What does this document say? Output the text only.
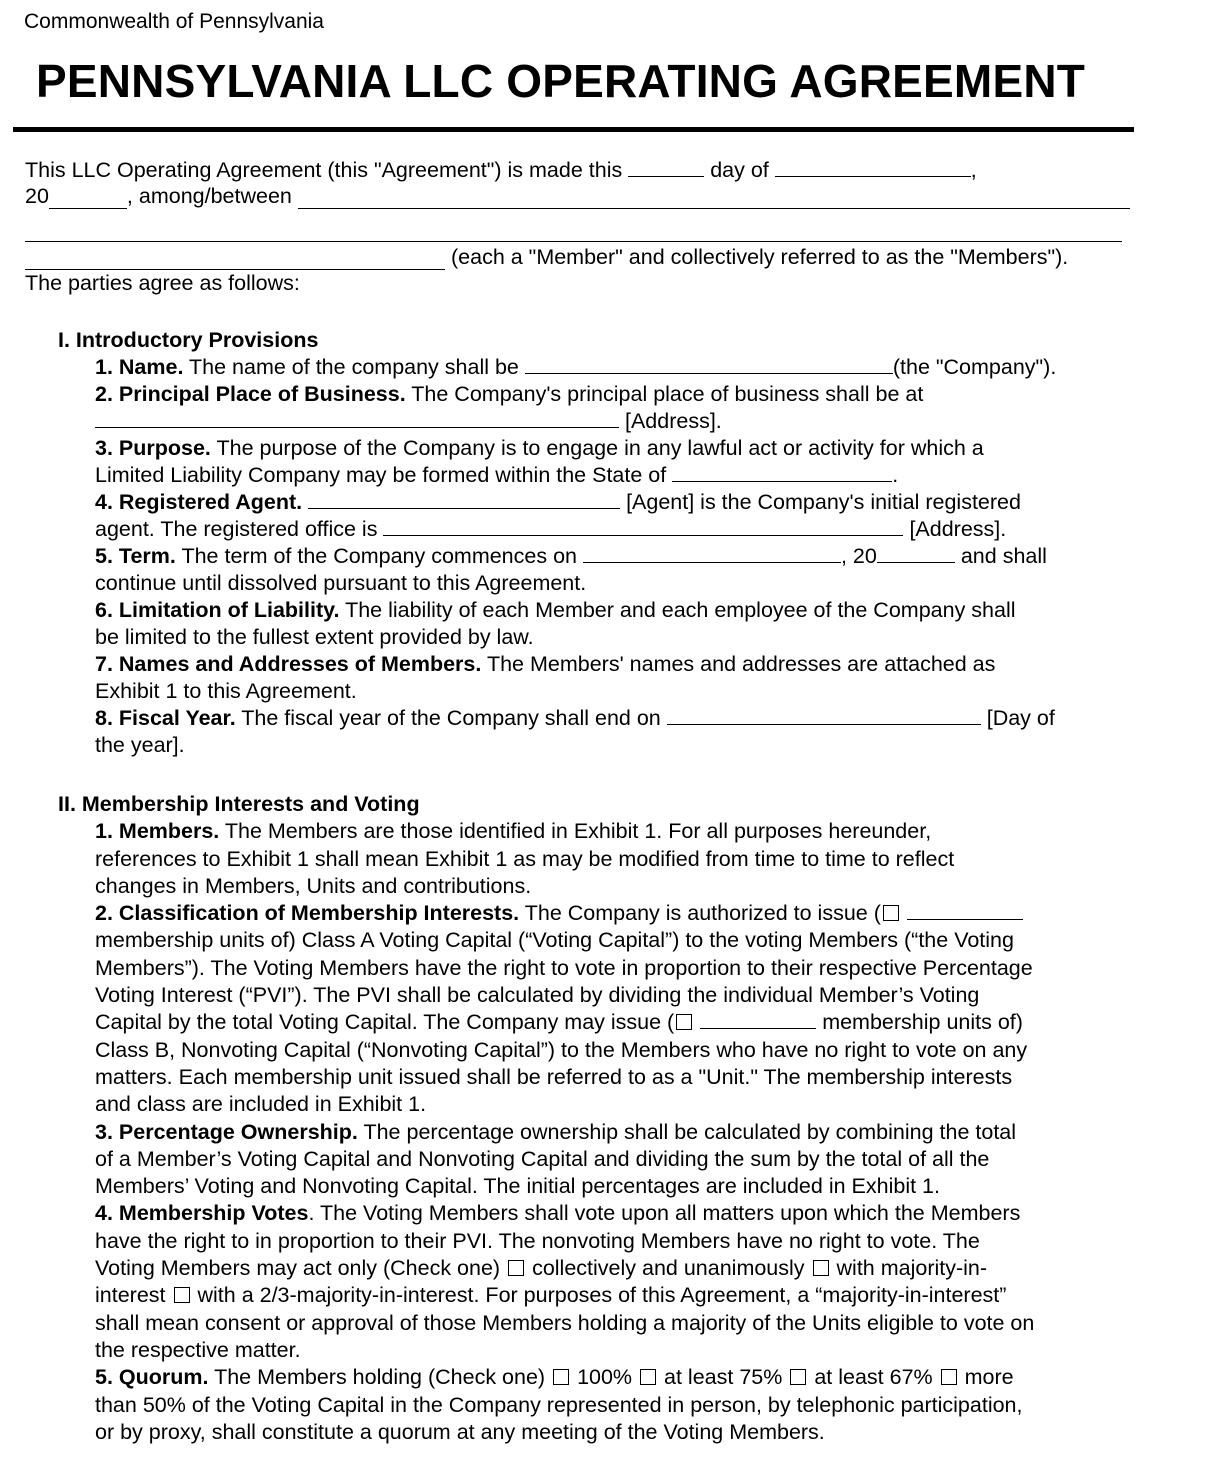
Commonwealth of Pennsylvania
PENNSYLVANIA LLC OPERATING AGREEMENT
This LLC Operating Agreement (this "Agreement") is made this	day of	,
20	, among/between
(each a "Member" and collectively referred to as the "Members").
The parties agree as follows:
I. Introductory Provisions
1. Name. The name of the company shall be	(the "Company").
2. Principal Place of Business. The Company's principal place of business shall be at
[Address].
3. Purpose. The purpose of the Company is to engage in any lawful act or activity for which a
Limited Liability Company may be formed within the State of	.
4. Registered Agent.	[Agent] is the Company's initial registered
agent. The registered office is	[Address].
5. Term. The term of the Company commences on	, 20	and shall
continue until dissolved pursuant to this Agreement.
6. Limitation of Liability. The liability of each Member and each employee of the Company shall
be limited to the fullest extent provided by law.
7. Names and Addresses of Members. The Members' names and addresses are attached as
Exhibit 1 to this Agreement.
8. Fiscal Year. The fiscal year of the Company shall end on	[Day of
the year].
II. Membership Interests and Voting
1. Members. The Members are those identified in Exhibit 1. For all purposes hereunder,
references to Exhibit 1 shall mean Exhibit 1 as may be modified from time to time to reflect
changes in Members, Units and contributions.
2. Classification of Membership Interests. The Company is authorized to issue (
membership units of) Class A Voting Capital (“Voting Capital”) to the voting Members (“the Voting
Members”). The Voting Members have the right to vote in proportion to their respective Percentage
Voting Interest (“PVI”). The PVI shall be calculated by dividing the individual Member’s Voting
Capital by the total Voting Capital. The Company may issue (	membership units of)
Class B, Nonvoting Capital (“Nonvoting Capital”) to the Members who have no right to vote on any
matters. Each membership unit issued shall be referred to as a "Unit." The membership interests
and class are included in Exhibit 1.
3. Percentage Ownership. The percentage ownership shall be calculated by combining the total
of a Member’s Voting Capital and Nonvoting Capital and dividing the sum by the total of all the
Members’ Voting and Nonvoting Capital. The initial percentages are included in Exhibit 1.
4. Membership Votes. The Voting Members shall vote upon all matters upon which the Members
have the right to in proportion to their PVI. The nonvoting Members have no right to vote. The
Voting Members may act only (Check one) collectively and unanimously with majority-in-
interest with a 2/3-majority-in-interest. For purposes of this Agreement, a “majority-in-interest”
shall mean consent or approval of those Members holding a majority of the Units eligible to vote on
the respective matter.
5. Quorum. The Members holding (Check one) 100% at least 75% at least 67% more
than 50% of the Voting Capital in the Company represented in person, by telephonic participation,
or by proxy, shall constitute a quorum at any meeting of the Voting Members.
